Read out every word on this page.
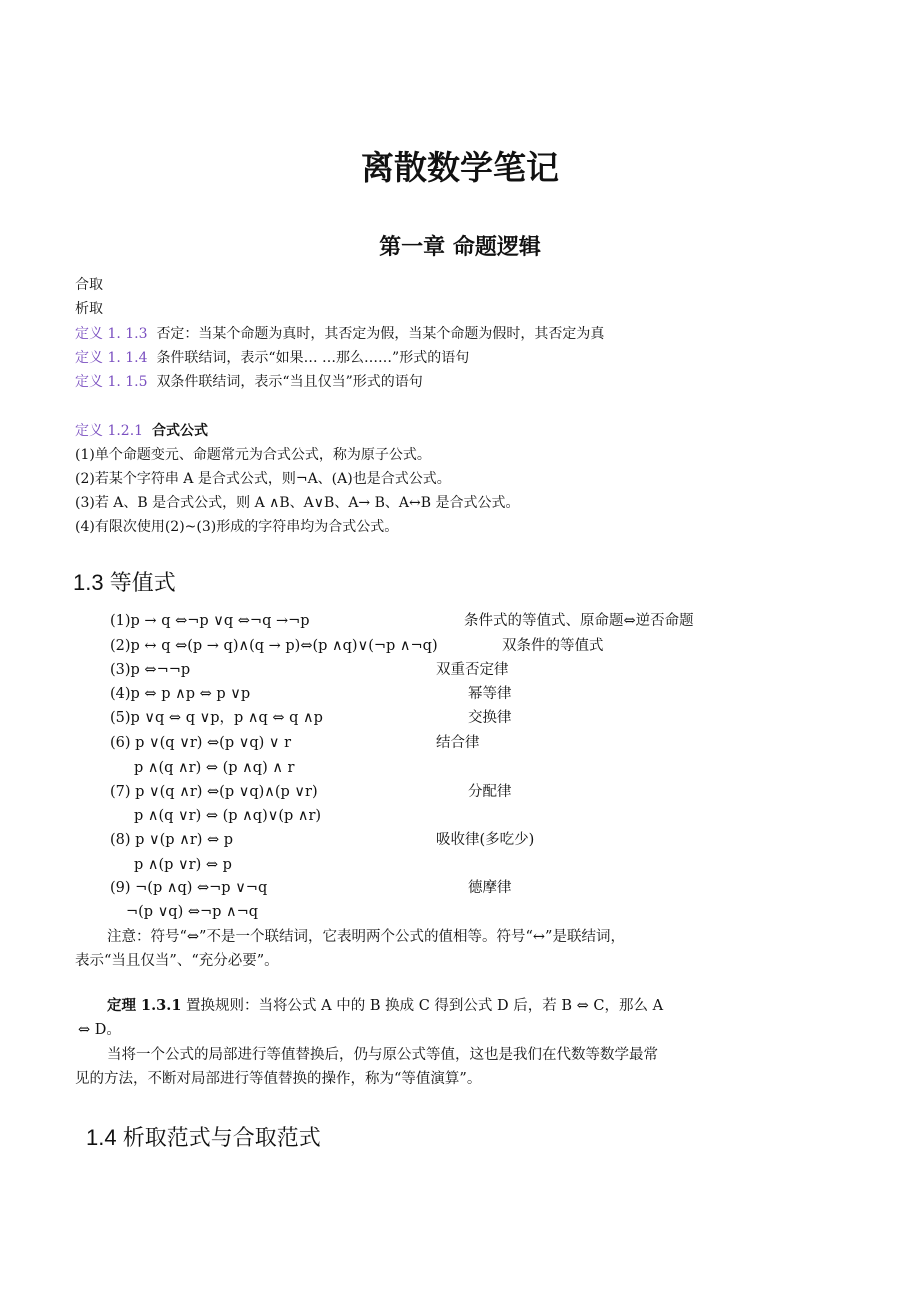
离散数学笔记
第一章 命题逻辑
合取
析取
定义 1. 1.3 否定：当某个命题为真时，其否定为假，当某个命题为假时，其否定为真
定义 1. 1.4 条件联结词，表示“如果… …那么……”形式的语句
定义 1. 1.5 双条件联结词，表示“当且仅当”形式的语句
定义 1.2.1 合式公式
(1)单个命题变元、命题常元为合式公式，称为原子公式。
(2)若某个字符串 A 是合式公式，则¬A、(A)也是合式公式。
(3)若 A、B 是合式公式，则 A ∧B、A∨B、A→ B、A↔B 是合式公式。
(4)有限次使用(2)~(3)形成的字符串均为合式公式。
1.3 等值式
(1)p → q ⇔¬p ∨q ⇔¬q →¬p	条件式的等值式、原命题⇔逆否命题
(2)p ↔ q ⇔(p → q)∧(q → p)⇔(p ∧q)∨(¬p ∧¬q)	双条件的等值式
(3)p ⇔¬¬p	双重否定律
(4)p ⇔ p ∧p ⇔ p ∨p	幂等律
(5)p ∨q ⇔ q ∨p，p ∧q ⇔ q ∧p	交换律
(6) p ∨(q ∨r) ⇔(p ∨q) ∨ r	结合律
p ∧(q ∧r) ⇔ (p ∧q) ∧ r
(7) p ∨(q ∧r) ⇔(p ∨q)∧(p ∨r)	分配律
p ∧(q ∨r) ⇔ (p ∧q)∨(p ∧r)
(8) p ∨(p ∧r) ⇔ p	吸收律(多吃少)
p ∧(p ∨r) ⇔ p
(9) ¬(p ∧q) ⇔¬p ∨¬q	德摩律
¬(p ∨q) ⇔¬p ∧¬q
注意：符号“⇔”不是一个联结词，它表明两个公式的值相等。符号“↔”是联结词，
表示“当且仅当”、“充分必要”。
定理 1.3.1 置换规则：当将公式 A 中的 B 换成 C 得到公式 D 后，若 B ⇔ C，那么 A
⇔ D。
当将一个公式的局部进行等值替换后，仍与原公式等值，这也是我们在代数等数学最常
见的方法，不断对局部进行等值替换的操作，称为“等值演算”。
1.4 析取范式与合取范式
